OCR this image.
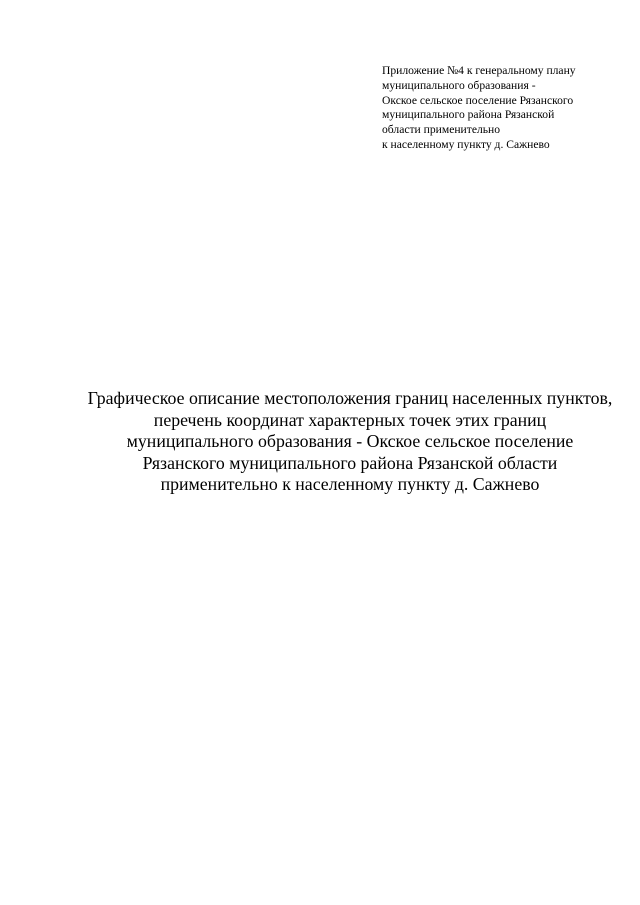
Приложение №4 к генеральному плану
муниципального образования -
Окское сельское поселение Рязанского
муниципального района Рязанской
области применительно
к населенному пункту д. Сажнево
Графическое описание местоположения границ населенных пунктов,
перечень координат характерных точек этих границ
муниципального образования - Окское сельское поселение
Рязанского муниципального района Рязанской области
применительно к населенному пункту д. Сажнево
